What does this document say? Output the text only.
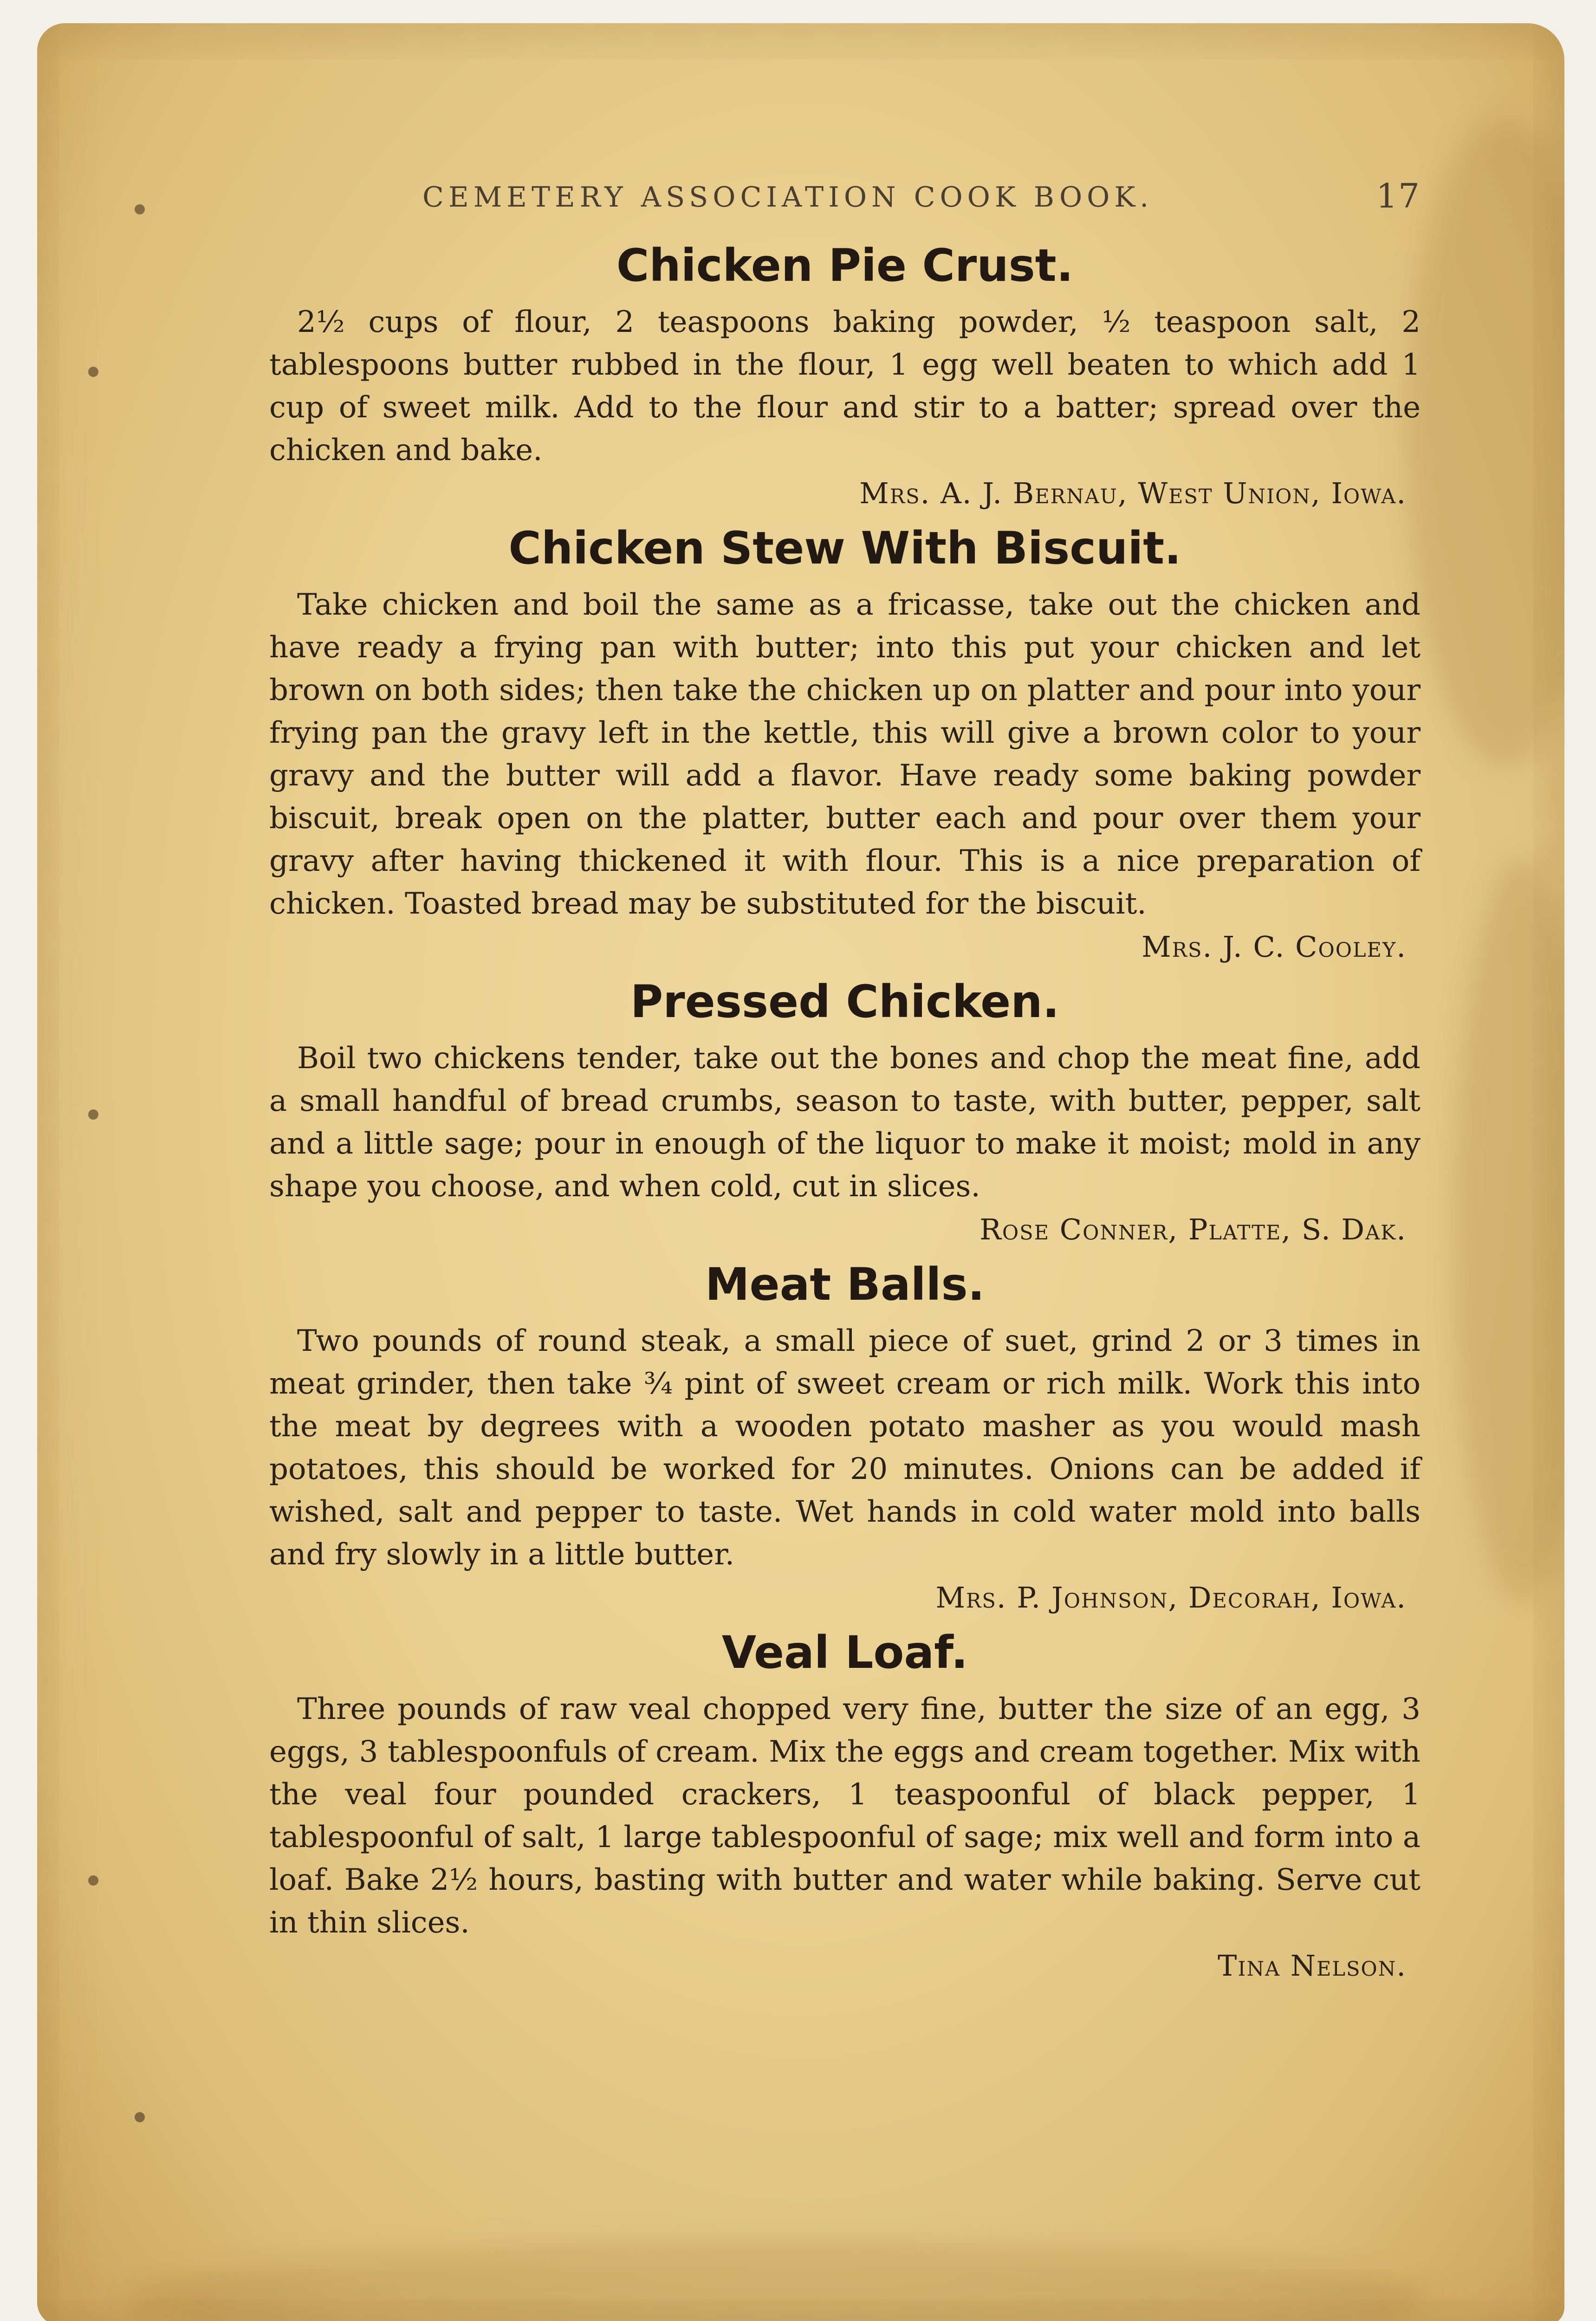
CEMETERY ASSOCIATION COOK BOOK.	17
Chicken Pie Crust.

2½ cups of flour, 2 teaspoons baking powder, ½ teaspoon salt, 2 tablespoons butter rubbed in the flour, 1 egg well beaten to which add 1 cup of sweet milk. Add to the flour and stir to a batter; spread over the chicken and bake.

Mrs. A. J. Bernau, West Union, Iowa.
Chicken Stew With Biscuit.

Take chicken and boil the same as a fricasse, take out the chicken and have ready a frying pan with butter; into this put your chicken and let brown on both sides; then take the chicken up on platter and pour into your frying pan the gravy left in the kettle, this will give a brown color to your gravy and the butter will add a flavor. Have ready some baking powder biscuit, break open on the platter, butter each and pour over them your gravy after having thickened it with flour. This is a nice preparation of chicken. Toasted bread may be substituted for the biscuit.

Mrs. J. C. Cooley.
Pressed Chicken.

Boil two chickens tender, take out the bones and chop the meat fine, add a small handful of bread crumbs, season to taste, with butter, pepper, salt and a little sage; pour in enough of the liquor to make it moist; mold in any shape you choose, and when cold, cut in slices.

Rose Conner, Platte, S. Dak.
Meat Balls.

Two pounds of round steak, a small piece of suet, grind 2 or 3 times in meat grinder, then take ¾ pint of sweet cream or rich milk. Work this into the meat by degrees with a wooden potato masher as you would mash potatoes, this should be worked for 20 minutes. Onions can be added if wished, salt and pepper to taste. Wet hands in cold water mold into balls and fry slowly in a little butter.

Mrs. P. Johnson, Decorah, Iowa.
Veal Loaf.

Three pounds of raw veal chopped very fine, butter the size of an egg, 3 eggs, 3 tablespoonfuls of cream. Mix the eggs and cream together. Mix with the veal four pounded crackers, 1 teaspoonful of black pepper, 1 tablespoonful of salt, 1 large tablespoonful of sage; mix well and form into a loaf. Bake 2½ hours, basting with butter and water while baking. Serve cut in thin slices.

Tina Nelson.
